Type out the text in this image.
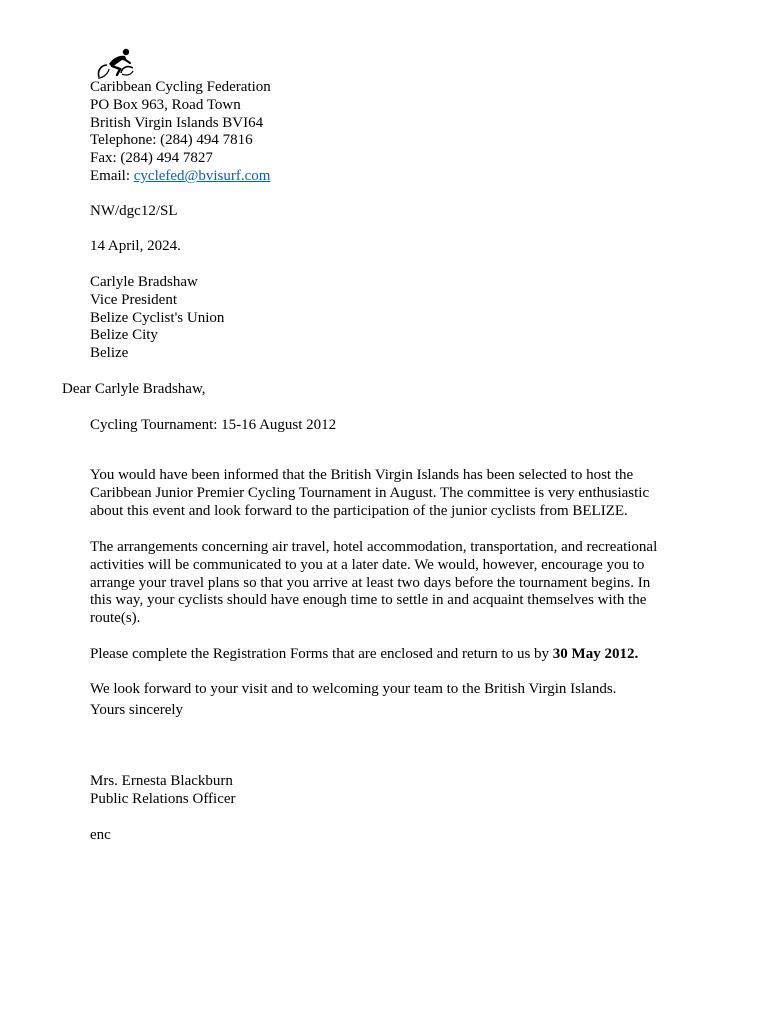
Caribbean Cycling Federation
PO Box 963, Road Town
British Virgin Islands BVI64
Telephone: (284) 494 7816
Fax: (284) 494 7827
Email: cyclefed@bvisurf.com
NW/dgc12/SL
14 April, 2024.
Carlyle Bradshaw
Vice President
Belize Cyclist's Union
Belize City
Belize
Dear Carlyle Bradshaw,
Cycling Tournament: 15-16 August 2012

You would have been informed that the British Virgin Islands has been selected to host the Caribbean Junior Premier Cycling Tournament in August. The committee is very enthusiastic about this event and look forward to the participation of the junior cyclists from BELIZE.

The arrangements concerning air travel, hotel accommodation, transportation, and recreational activities will be communicated to you at a later date. We would, however, encourage you to arrange your travel plans so that you arrive at least two days before the tournament begins. In this way, your cyclists should have enough time to settle in and acquaint themselves with the route(s).

Please complete the Registration Forms that are enclosed and return to us by 30 May 2012.

We look forward to your visit and to welcoming your team to the British Virgin Islands.

Yours sincerely
Mrs. Ernesta Blackburn
Public Relations Officer
enc
